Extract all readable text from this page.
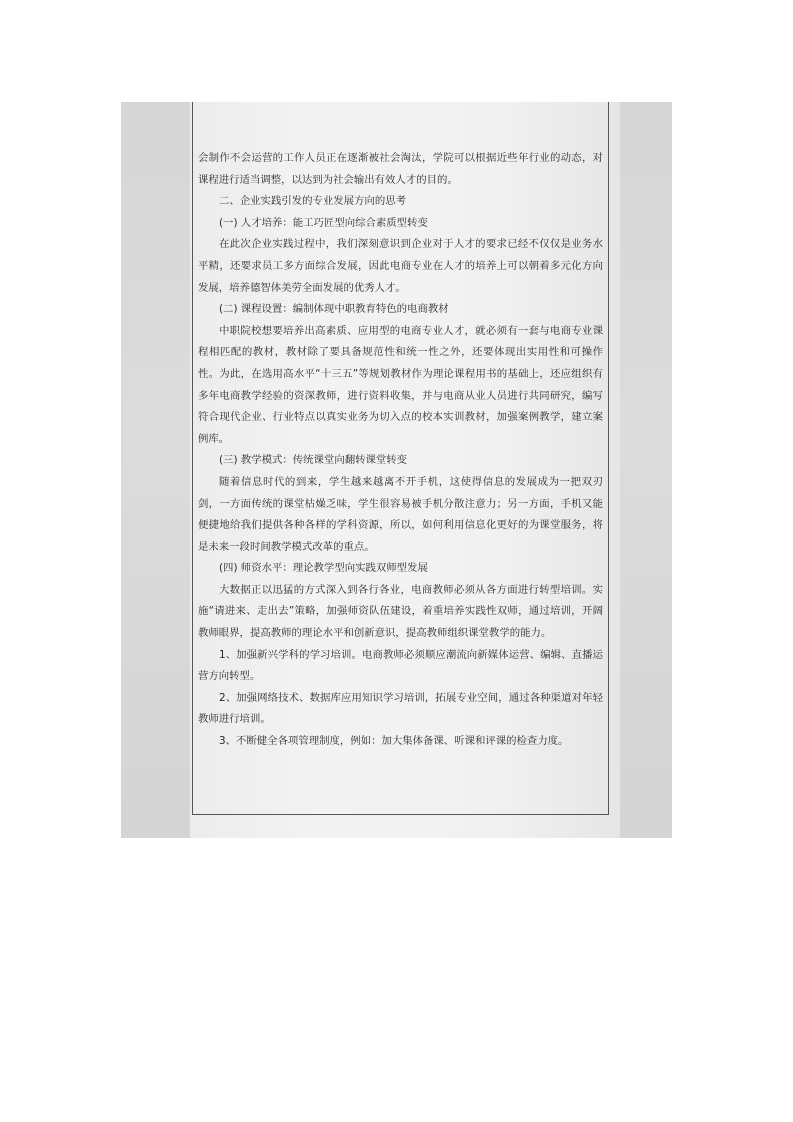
会制作不会运营的工作人员正在逐渐被社会淘汰，学院可以根据近些年行业的动态，对课程进行适当调整，以达到为社会输出有效人才的目的。

二、企业实践引发的专业发展方向的思考

(一) 人才培养：能工巧匠型向综合素质型转变

在此次企业实践过程中，我们深刻意识到企业对于人才的要求已经不仅仅是业务水平精，还要求员工多方面综合发展，因此电商专业在人才的培养上可以朝着多元化方向发展，培养德智体美劳全面发展的优秀人才。

(二) 课程设置：编制体现中职教育特色的电商教材

中职院校想要培养出高素质、应用型的电商专业人才，就必须有一套与电商专业课程相匹配的教材，教材除了要具备规范性和统一性之外，还要体现出实用性和可操作性。为此，在选用高水平“十三五”等规划教材作为理论课程用书的基础上，还应组织有多年电商教学经验的资深教师，进行资料收集，并与电商从业人员进行共同研究，编写符合现代企业、行业特点以真实业务为切入点的校本实训教材，加强案例教学，建立案例库。

(三) 教学模式：传统课堂向翻转课堂转变

随着信息时代的到来，学生越来越离不开手机，这使得信息的发展成为一把双刃剑，一方面传统的课堂枯燥乏味，学生很容易被手机分散注意力；另一方面，手机又能便捷地给我们提供各种各样的学科资源，所以，如何利用信息化更好的为课堂服务，将是未来一段时间教学模式改革的重点。

(四) 师资水平：理论教学型向实践双师型发展

大数据正以迅猛的方式深入到各行各业，电商教师必须从各方面进行转型培训。实施“请进来、走出去”策略，加强师资队伍建设，着重培养实践性双师，通过培训，开阔教师眼界，提高教师的理论水平和创新意识，提高教师组织课堂教学的能力。

1、加强新兴学科的学习培训。电商教师必须顺应潮流向新媒体运营、编辑、直播运营方向转型。

2、加强网络技术、数据库应用知识学习培训，拓展专业空间，通过各种渠道对年轻教师进行培训。

3、不断健全各项管理制度，例如：加大集体备课、听课和评课的检查力度。
